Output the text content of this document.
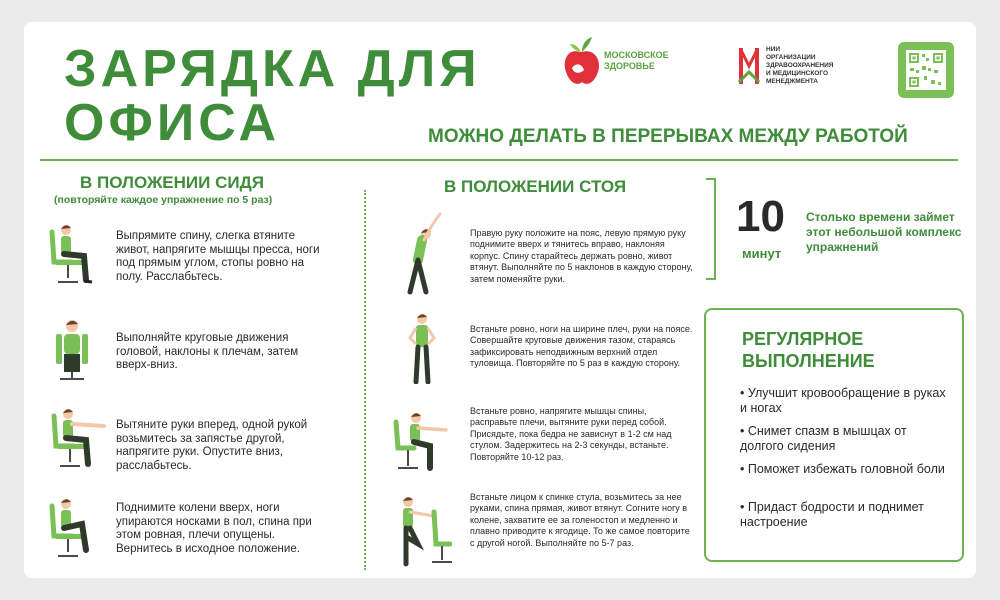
ЗАРЯДКА ДЛЯ
ОФИСА
МОСКОВСКОЕ
ЗДОРОВЬЕ
НИИ
ОРГАНИЗАЦИИ
ЗДРАВООХРАНЕНИЯ
И МЕДИЦИНСКОГО
МЕНЕДЖМЕНТА
МОЖНО ДЕЛАТЬ В ПЕРЕРЫВАХ МЕЖДУ РАБОТОЙ
В ПОЛОЖЕНИИ СИДЯ
(повторяйте каждое упражнение по 5 раз)
Выпрямите спину, слегка втяните живот, напрягите мышцы пресса, ноги под прямым углом, стопы ровно на полу. Расслабьтесь.
Выполняйте круговые движения головой, наклоны к плечам, затем вверх-вниз.
Вытяните руки вперед, одной рукой возьмитесь за запястье другой, напрягите руки. Опустите вниз, расслабьтесь.
Поднимите колени вверх, ноги упираются носками в пол, спина при этом ровная, плечи опущены. Вернитесь в исходное положение.
В ПОЛОЖЕНИИ СТОЯ
Правую руку положите на пояс, левую прямую руку поднимите вверх и тянитесь вправо, наклоняя корпус. Спину старайтесь держать ровно, живот втянут. Выполняйте по 5 наклонов в каждую сторону, затем поменяйте руки.
Встаньте ровно, ноги на ширине плеч, руки на поясе. Совершайте круговые движения тазом, стараясь зафиксировать неподвижным верхний отдел туловища. Повторяйте по 5 раз в каждую сторону.
Встаньте ровно, напрягите мышцы спины, расправьте плечи, вытяните руки перед собой. Присядьте, пока бедра не зависнут в 1-2 см над стулом. Задержитесь на 2-3 секунды, встаньте. Повторяйте 10-12 раз.
Встаньте лицом к спинке стула, возьмитесь за нее руками, спина прямая, живот втянут. Согните ногу в колене, захватите ее за голеностоп и медленно и плавно приводите к ягодице. То же самое повторите с другой ногой. Выполняйте по 5-7 раз.
10
минут
Столько времени займет этот небольшой комплекс упражнений
РЕГУЛЯРНОЕ
ВЫПОЛНЕНИЕ
• Улучшит кровообращение в руках и ногах
• Снимет спазм в мышцах от долгого сидения
• Поможет избежать головной боли
• Придаст бодрости и поднимет настроение
